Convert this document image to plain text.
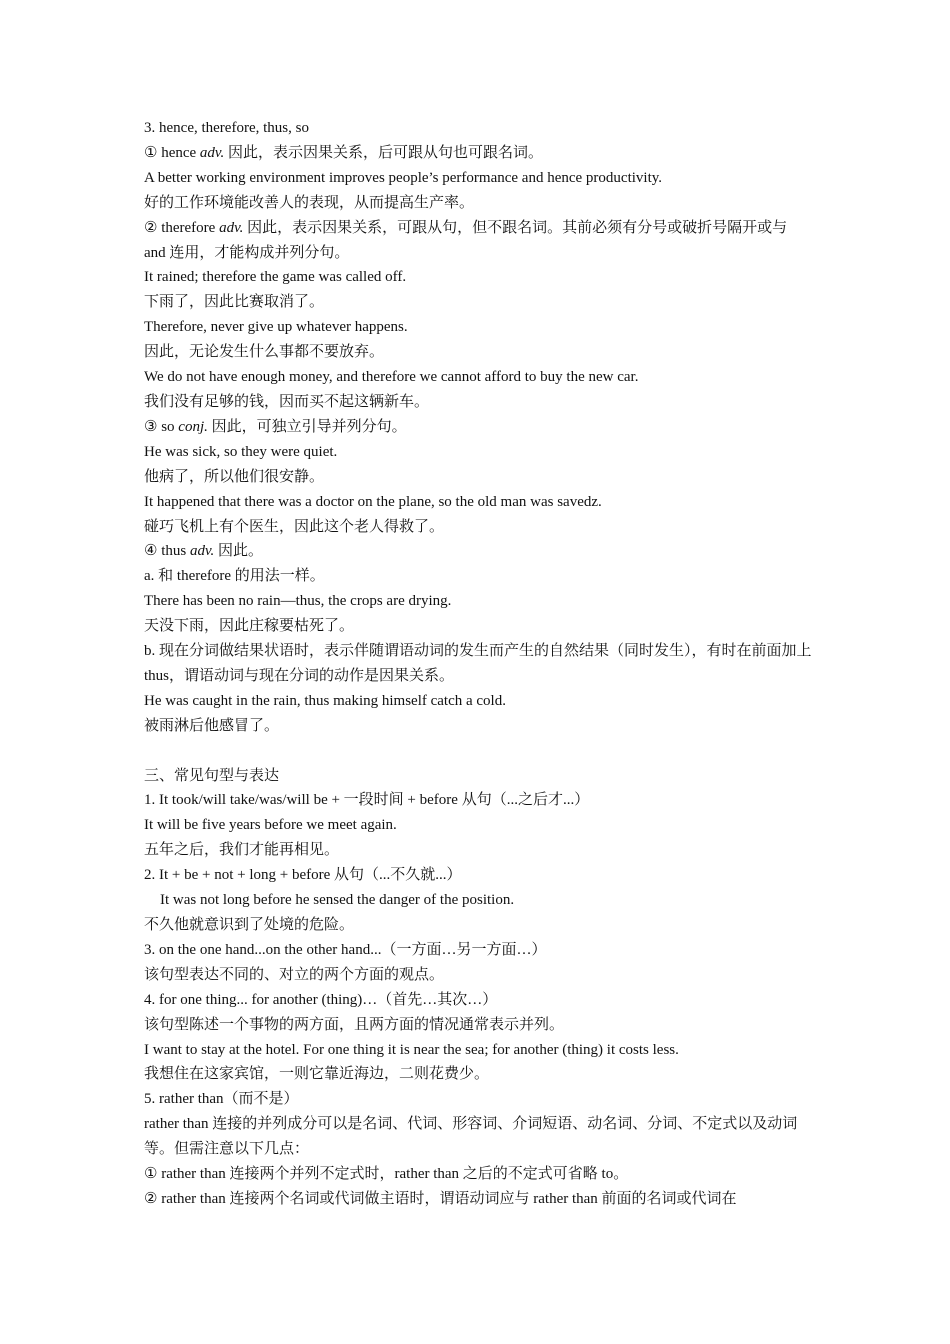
3. hence, therefore, thus, so
① hence adv. 因此，表示因果关系，后可跟从句也可跟名词。
A better working environment improves people’s performance and hence productivity.
好的工作环境能改善人的表现，从而提高生产率。
② therefore adv. 因此，表示因果关系，可跟从句，但不跟名词。其前必须有分号或破折号隔开或与 and 连用，才能构成并列分句。
It rained; therefore the game was called off.
下雨了，因此比赛取消了。
Therefore, never give up whatever happens.
因此，无论发生什么事都不要放弃。
We do not have enough money, and therefore we cannot afford to buy the new car.
我们没有足够的钱，因而买不起这辆新车。
③ so conj. 因此，可独立引导并列分句。
He was sick, so they were quiet.
他病了，所以他们很安静。
It happened that there was a doctor on the plane, so the old man was savedz.
碰巧飞机上有个医生，因此这个老人得救了。
④ thus adv. 因此。
a. 和 therefore 的用法一样。
There has been no rain—thus, the crops are drying.
天没下雨，因此庄稼要枯死了。
b. 现在分词做结果状语时，表示伴随谓语动词的发生而产生的自然结果（同时发生），有时在前面加上 thus，谓语动词与现在分词的动作是因果关系。
He was caught in the rain, thus making himself catch a cold.
被雨淋后他感冒了。
三、常见句型与表达
1. It took/will take/was/will be + 一段时间 + before 从句（...之后才...）
It will be five years before we meet again.
五年之后，我们才能再相见。
2. It + be + not + long + before 从句（...不久就...）
It was not long before he sensed the danger of the position.
不久他就意识到了处境的危险。
3. on the one hand...on the other hand...（一方面…另一方面…）
该句型表达不同的、对立的两个方面的观点。
4. for one thing... for another (thing)…（首先…其次…）
该句型陈述一个事物的两方面，且两方面的情况通常表示并列。
I want to stay at the hotel. For one thing it is near the sea; for another (thing) it costs less.
我想住在这家宾馆，一则它靠近海边，二则花费少。
5. rather than（而不是）
rather than 连接的并列成分可以是名词、代词、形容词、介词短语、动名词、分词、不定式以及动词等。但需注意以下几点：
① rather than 连接两个并列不定式时，rather than 之后的不定式可省略 to。
② rather than 连接两个名词或代词做主语时，谓语动词应与 rather than 前面的名词或代词在
